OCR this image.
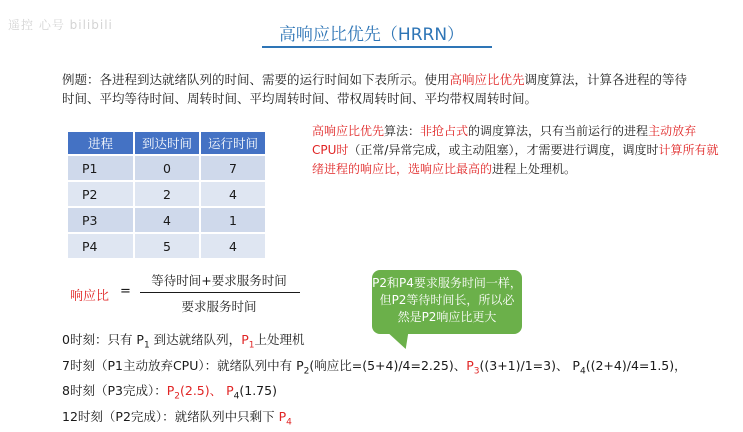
遥控 心号 bilibili	高响应比优先（HRRN）
例题：各进程到达就绪队列的时间、需要的运行时间如下表所示。使用高响应比优先调度算法，计算各进程的等待时间、平均等待时间、周转时间、平均周转时间、带权周转时间、平均带权周转时间。
进程	到达时间	运行时间
P1	0	7
P2	2	4
P3	4	1
P4	5	4
高响应比优先算法：非抢占式的调度算法，只有当前运行的进程主动放弃CPU时（正常/异常完成，或主动阻塞），才需要进行调度，调度时计算所有就绪进程的响应比，选响应比最高的进程上处理机。
响应比 =
等待时间+要求服务时间
要求服务时间
P2和P4要求服务时间一样，
但P2等待时间长，所以必
然是P2响应比更大
0时刻：只有 $P_1$ 到达就绪队列，$P_1$上处理机
7时刻（P1主动放弃CPU）：就绪队列中有 $P_2$(响应比=(5+4)/4=2.25)、$P_3((3+1)/1=3)$、 $P_4((2+4)/4=1.5)$，
8时刻（P3完成）：$P_2(2.5)$、 $P_4(1.75)$
12时刻（P2完成）：就绪队列中只剩下 $P_4$
